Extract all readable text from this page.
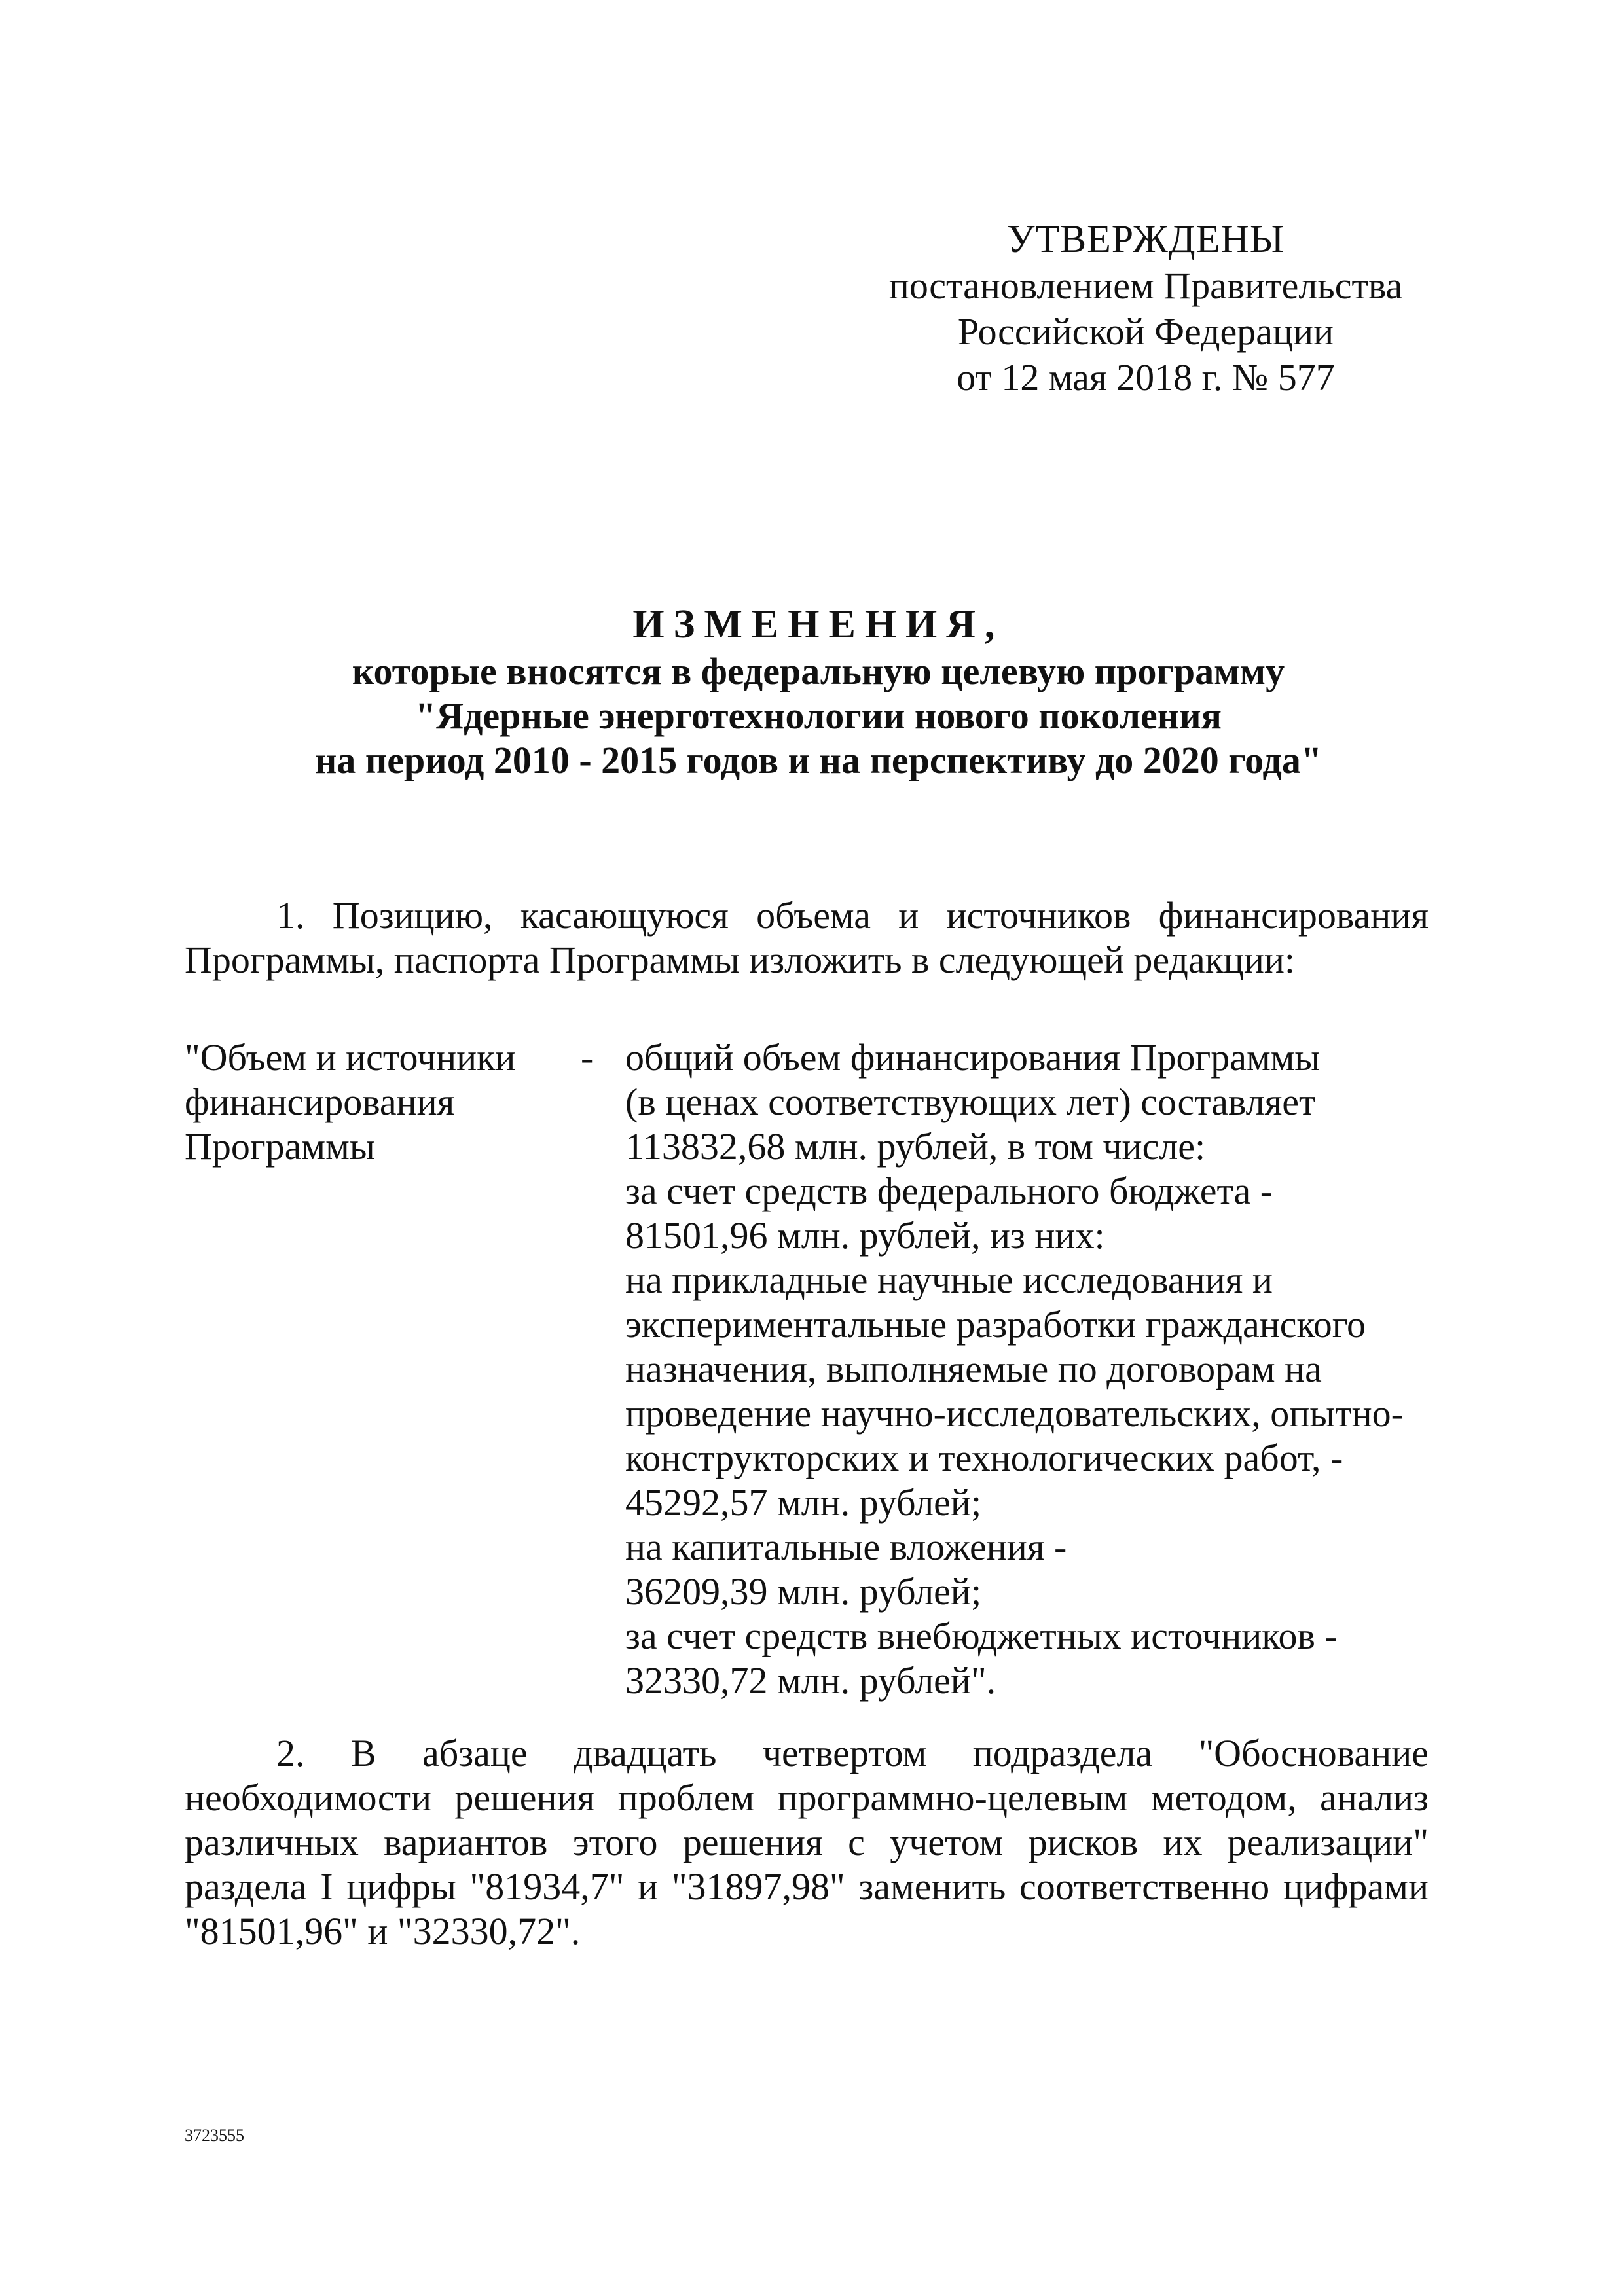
УТВЕРЖДЕНЫ
постановлением Правительства
Российской Федерации
от 12 мая 2018 г. № 577
ИЗМЕНЕНИЯ,
которые вносятся в федеральную целевую программу
"Ядерные энерготехнологии нового поколения
на период 2010 - 2015 годов и на перспективу до 2020 года"
1. Позицию, касающуюся объема и источников финансирования
Программы, паспорта Программы изложить в следующей редакции:
"Объем и источники
финансирования
Программы
- общий объем финансирования Программы
(в ценах соответствующих лет) составляет
113832,68 млн. рублей, в том числе:
за счет средств федерального бюджета -
81501,96 млн. рублей, из них:
на прикладные научные исследования и
экспериментальные разработки гражданского
назначения, выполняемые по договорам на
проведение научно-исследовательских, опытно-
конструкторских и технологических работ, -
45292,57 млн. рублей;
на капитальные вложения -
36209,39 млн. рублей;
за счет средств внебюджетных источников -
32330,72 млн. рублей".
2. В абзаце двадцать четвертом подраздела "Обоснование
необходимости решения проблем программно-целевым методом, анализ
различных вариантов этого решения с учетом рисков их реализации"
раздела I цифры "81934,7" и "31897,98" заменить соответственно цифрами
"81501,96" и "32330,72".
3723555
